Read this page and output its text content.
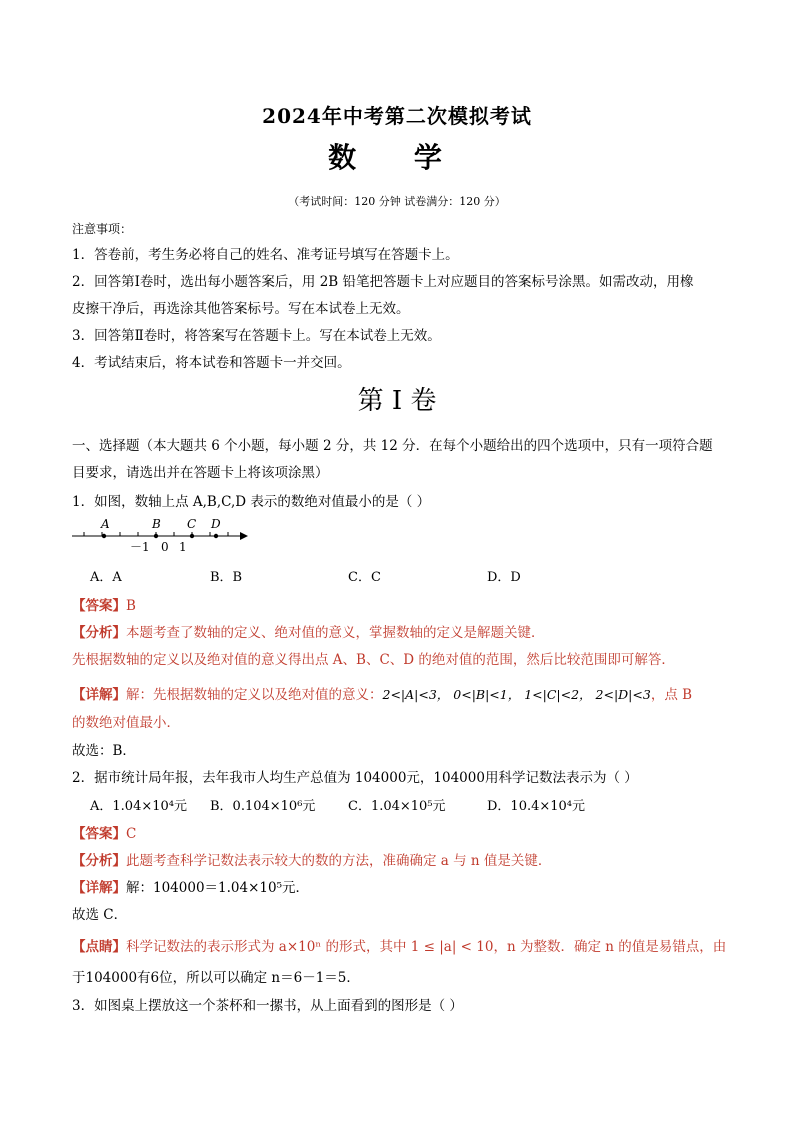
2024年中考第二次模拟考试
数 学
（考试时间：120 分钟 试卷满分：120 分）
注意事项：
1．答卷前，考生务必将自己的姓名、准考证号填写在答题卡上。
2．回答第Ⅰ卷时，选出每小题答案后，用 2B 铅笔把答题卡上对应题目的答案标号涂黑。如需改动，用橡
皮擦干净后，再选涂其他答案标号。写在本试卷上无效。
3．回答第Ⅱ卷时，将答案写在答题卡上。写在本试卷上无效。
4．考试结束后，将本试卷和答题卡一并交回。
第 I 卷
一、选择题（本大题共 6 个小题，每小题 2 分，共 12 分．在每个小题给出的四个选项中，只有一项符合题
目要求，请选出并在答题卡上将该项涂黑）
1．如图，数轴上点 A,B,C,D 表示的数绝对值最小的是（ ）
A	B C D
－1 0 1
A．A	B．B	C．C	D．D
【答案】B
【分析】本题考查了数轴的定义、绝对值的意义，掌握数轴的定义是解题关键．
先根据数轴的定义以及绝对值的意义得出点 A、B、C、D 的绝对值的范围，然后比较范围即可解答．
【详解】解：先根据数轴的定义以及绝对值的意义：2<|A|<3， 0<|B|<1， 1<|C|<2， 2<|D|<3，点 B
的数绝对值最小．
故选：B．
2．据市统计局年报，去年我市人均生产总值为 104000元，104000用科学记数法表示为（ ）
A．1.04×10⁴元 B．0.104×10⁶元	C．1.04×10⁵元	D．10.4×10⁴元
【答案】C
【分析】此题考查科学记数法表示较大的数的方法，准确确定 a 与 n 值是关键．
【详解】解：104000＝1.04×10⁵元．
故选 C．
【点睛】科学记数法的表示形式为 a×10ⁿ 的形式，其中 1 ≤ |a| < 10，n 为整数．确定 n 的值是易错点，由
于104000有6位，所以可以确定 n＝6－1＝5．
3．如图桌上摆放这一个茶杯和一摞书，从上面看到的图形是（ ）
